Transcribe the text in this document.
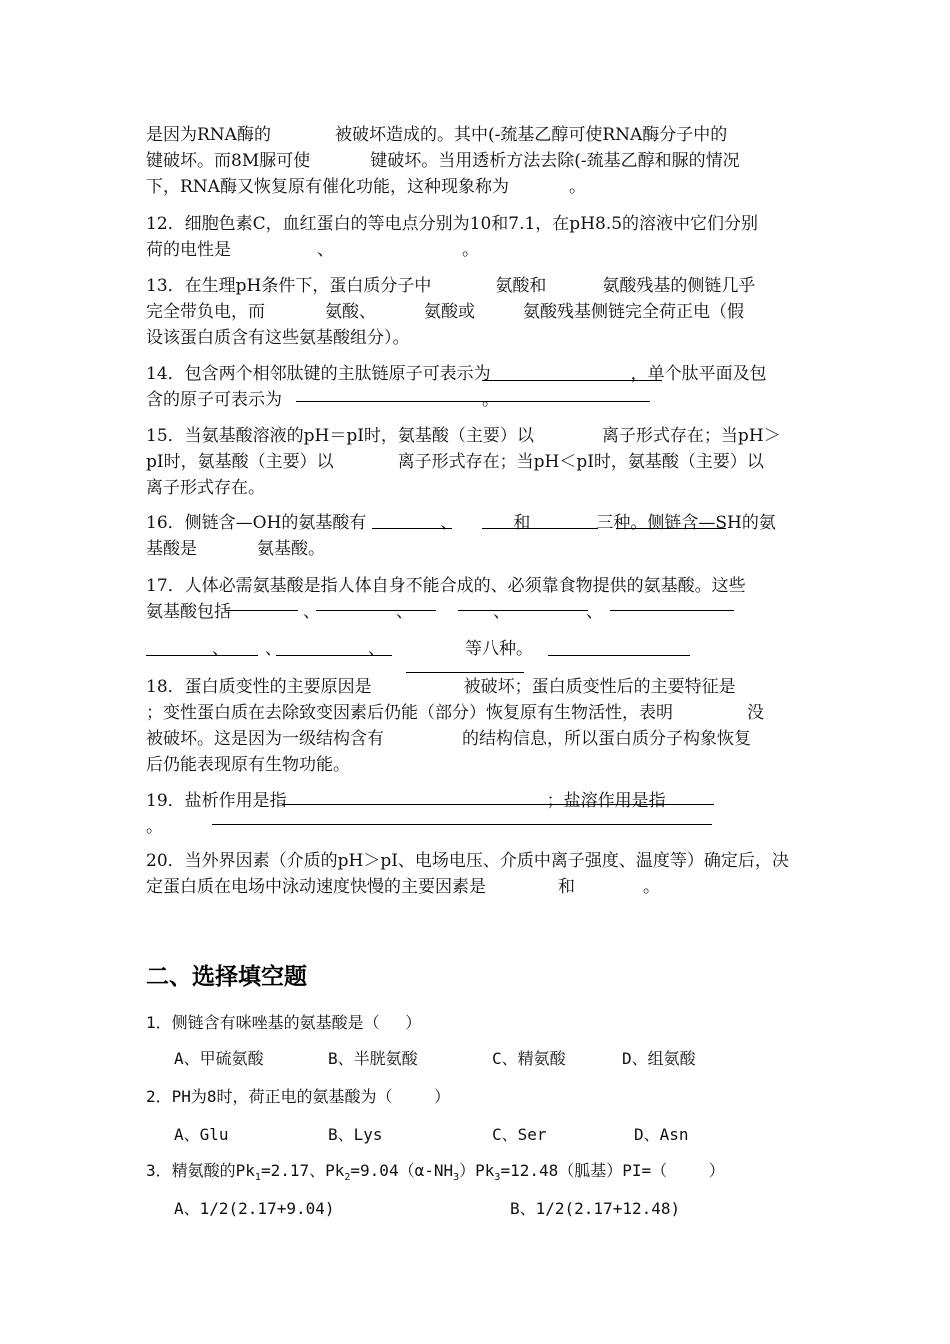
是因为RNA酶的	被破坏造成的。其中(-巯基乙醇可使RNA酶分子中的
键破坏。而8M脲可使	键破坏。当用透析方法去除(-巯基乙醇和脲的情况
下，RNA酶又恢复原有催化功能，这种现象称为	。
12．细胞色素C，血红蛋白的等电点分别为10和7.1，在pH8.5的溶液中它们分别
荷的电性是	、	。
13．在生理pH条件下，蛋白质分子中	氨酸和	氨酸残基的侧链几乎
完全带负电，而	氨酸、	氨酸或	氨酸残基侧链完全荷正电（假
设该蛋白质含有这些氨基酸组分）。
14．包含两个相邻肽键的主肽链原子可表示为	，单个肽平面及包
含的原子可表示为	。
15．当氨基酸溶液的pH＝pI时，氨基酸（主要）以	离子形式存在；当pH＞
pI时，氨基酸（主要）以	离子形式存在；当pH＜pI时，氨基酸（主要）以
离子形式存在。
16．侧链含—OH的氨基酸有	、	和	三种。侧链含—SH的氨
基酸是	氨基酸。
17．人体必需氨基酸是指人体自身不能合成的、必须靠食物提供的氨基酸。这些
氨基酸包括	、	、	、	、
、 、	、	等八种。
18．蛋白质变性的主要原因是	被破坏；蛋白质变性后的主要特征是
；变性蛋白质在去除致变因素后仍能（部分）恢复原有生物活性，表明	没
被破坏。这是因为一级结构含有	的结构信息，所以蛋白质分子构象恢复
后仍能表现原有生物功能。
19．盐析作用是指	；盐溶作用是指
。
20．当外界因素（介质的pH＞pI、电场电压、介质中离子强度、温度等）确定后，决
定蛋白质在电场中泳动速度快慢的主要因素是	和	。
二、选择填空题
1．侧链含有咪唑基的氨基酸是（　 ）
A、甲硫氨酸	B、半胱氨酸	C、精氨酸	D、组氨酸
2．PH为8时，荷正电的氨基酸为（　　 ）
A、Glu	B、Lys	C、Ser	D、Asn
3．精氨酸的$Pk_1=2.17$、$Pk_2=9.04(\alpha-NH_3)Pk_3=12.48$（胍基）PI=（　　 ）
A、1/2(2.17+9.04)	B、1/2(2.17+12.48)
